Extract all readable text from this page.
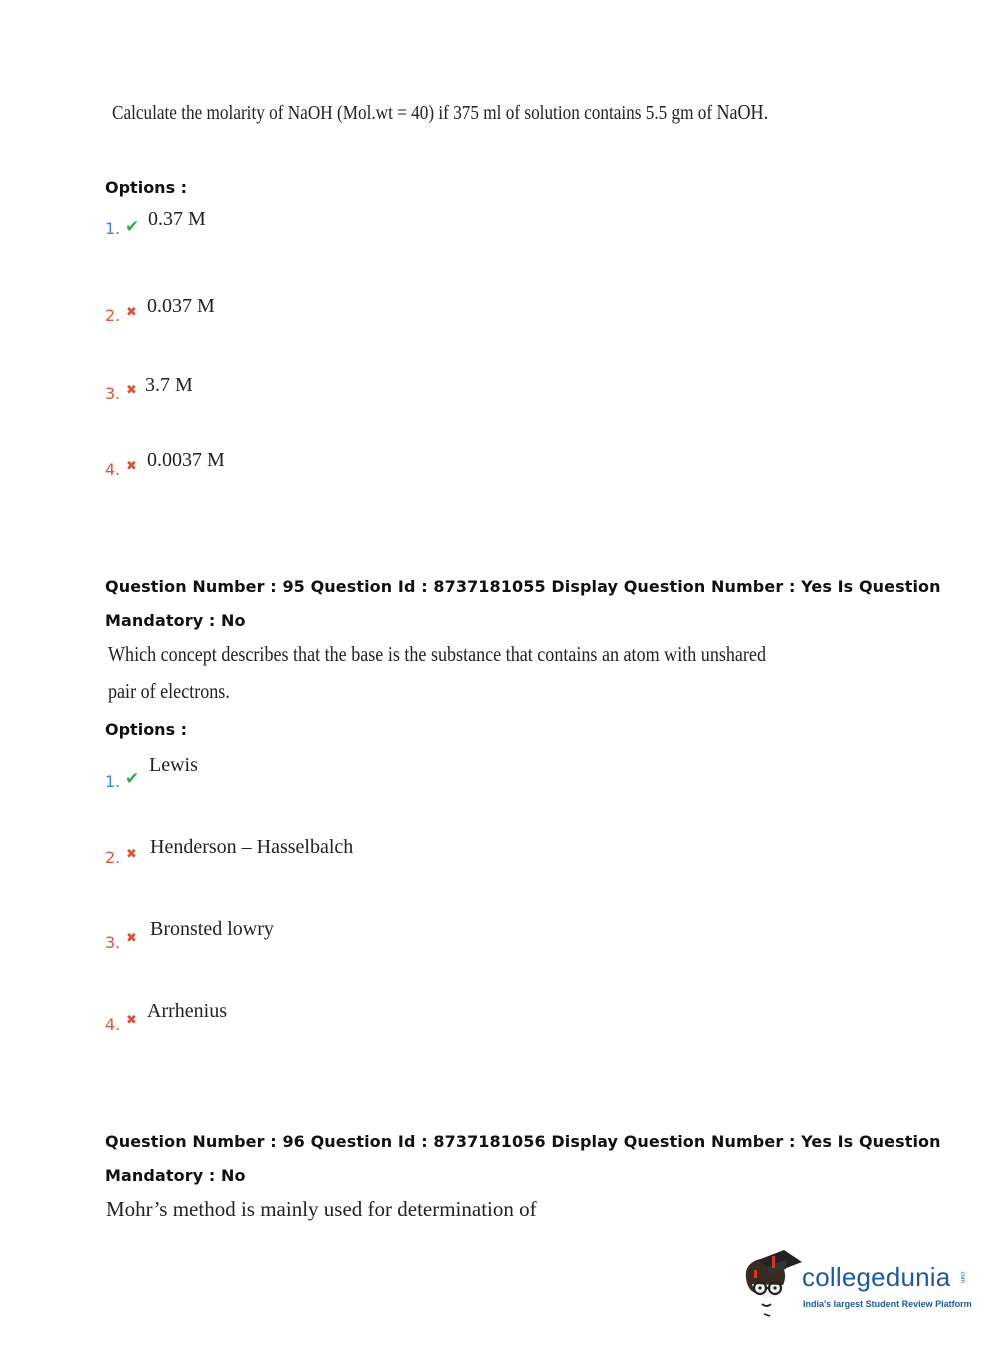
Calculate the molarity of NaOH (Mol.wt = 40) if 375 ml of solution contains 5.5 gm of NaOH.
Options :
1. ✔ 0.37 M
2. ✖ 0.037 M
3. ✖ 3.7 M
4. ✖ 0.0037 M
Question Number : 95 Question Id : 8737181055 Display Question Number : Yes Is Question
Mandatory : No
Which concept describes that the base is the substance that contains an atom with unshared
pair of electrons.
Options :
1. ✔
Lewis
2. ✖ Henderson – Hasselbalch
3. ✖ Bronsted lowry
4. ✖ Arrhenius
Question Number : 96 Question Id : 8737181056 Display Question Number : Yes Is Question
Mandatory : No
Mohr’s method is mainly used for determination of
collegedunia .com
India's largest Student Review Platform
